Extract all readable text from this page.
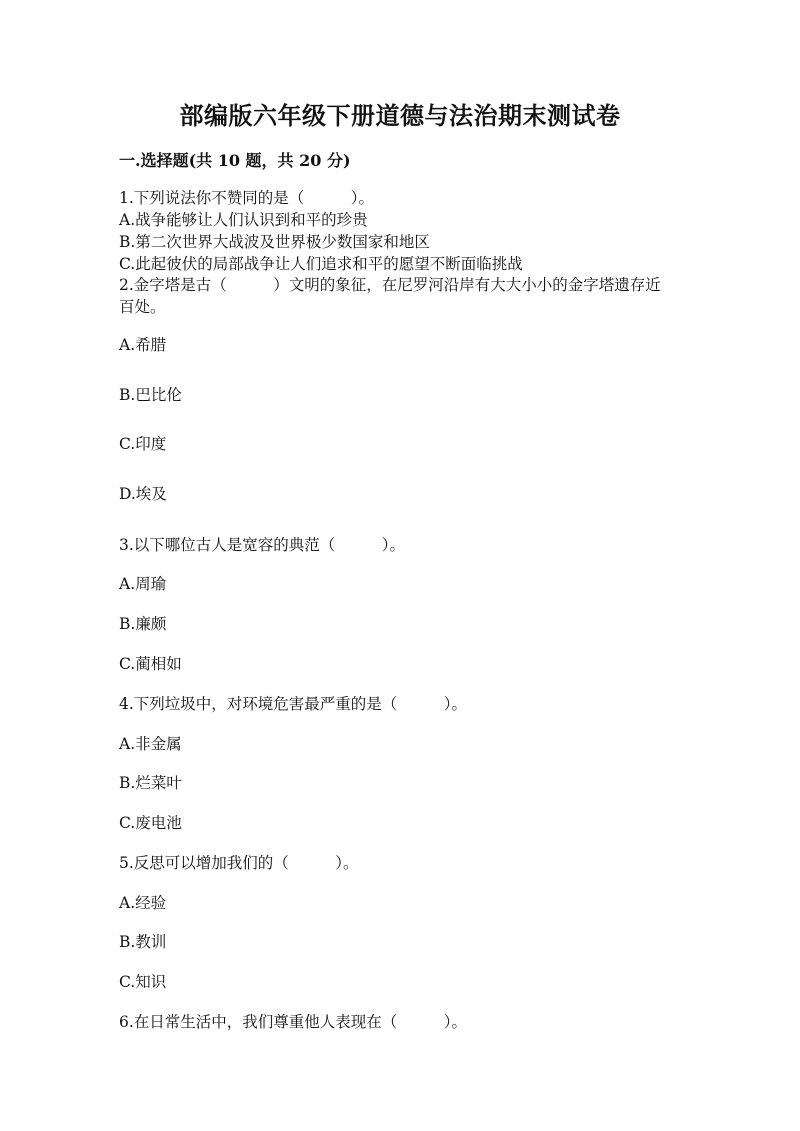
部编版六年级下册道德与法治期末测试卷
一.选择题(共 10 题，共 20 分)
1.下列说法你不赞同的是（　　　）。
A.战争能够让人们认识到和平的珍贵
B.第二次世界大战波及世界极少数国家和地区
C.此起彼伏的局部战争让人们追求和平的愿望不断面临挑战
2.金字塔是古（　　　）文明的象征，在尼罗河沿岸有大大小小的金字塔遗存近
百处。
A.希腊
B.巴比伦
C.印度
D.埃及
3.以下哪位古人是宽容的典范（　　　）。
A.周瑜
B.廉颇
C.蔺相如
4.下列垃圾中，对环境危害最严重的是（　　　）。
A.非金属
B.烂菜叶
C.废电池
5.反思可以增加我们的（　　　）。
A.经验
B.教训
C.知识
6.在日常生活中，我们尊重他人表现在（　　　）。
